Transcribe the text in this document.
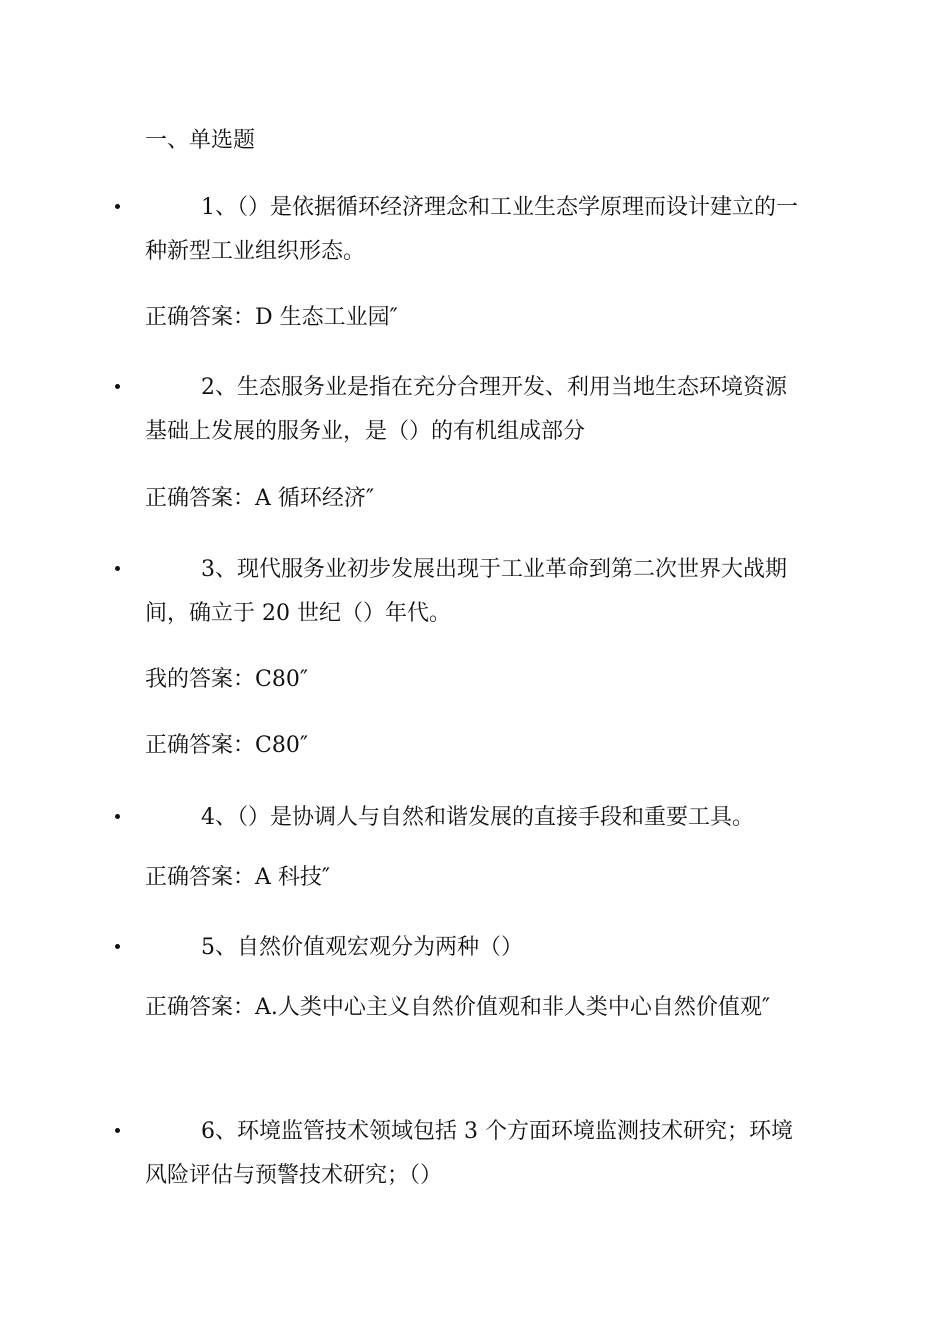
一、单选题
1、（）是依据循环经济理念和工业生态学原理而设计建立的一种新型工业组织形态。
正确答案：D 生态工业园″
2、生态服务业是指在充分合理开发、利用当地生态环境资源基础上发展的服务业，是（）的有机组成部分
正确答案：A 循环经济″
3、现代服务业初步发展出现于工业革命到第二次世界大战期间，确立于 20 世纪（）年代。
我的答案：C80″
正确答案：C80″
4、（）是协调人与自然和谐发展的直接手段和重要工具。
正确答案：A 科技″
5、自然价值观宏观分为两种（）
正确答案：A.人类中心主义自然价值观和非人类中心自然价值观″
6、环境监管技术领域包括 3 个方面环境监测技术研究；环境风险评估与预警技术研究；（）
